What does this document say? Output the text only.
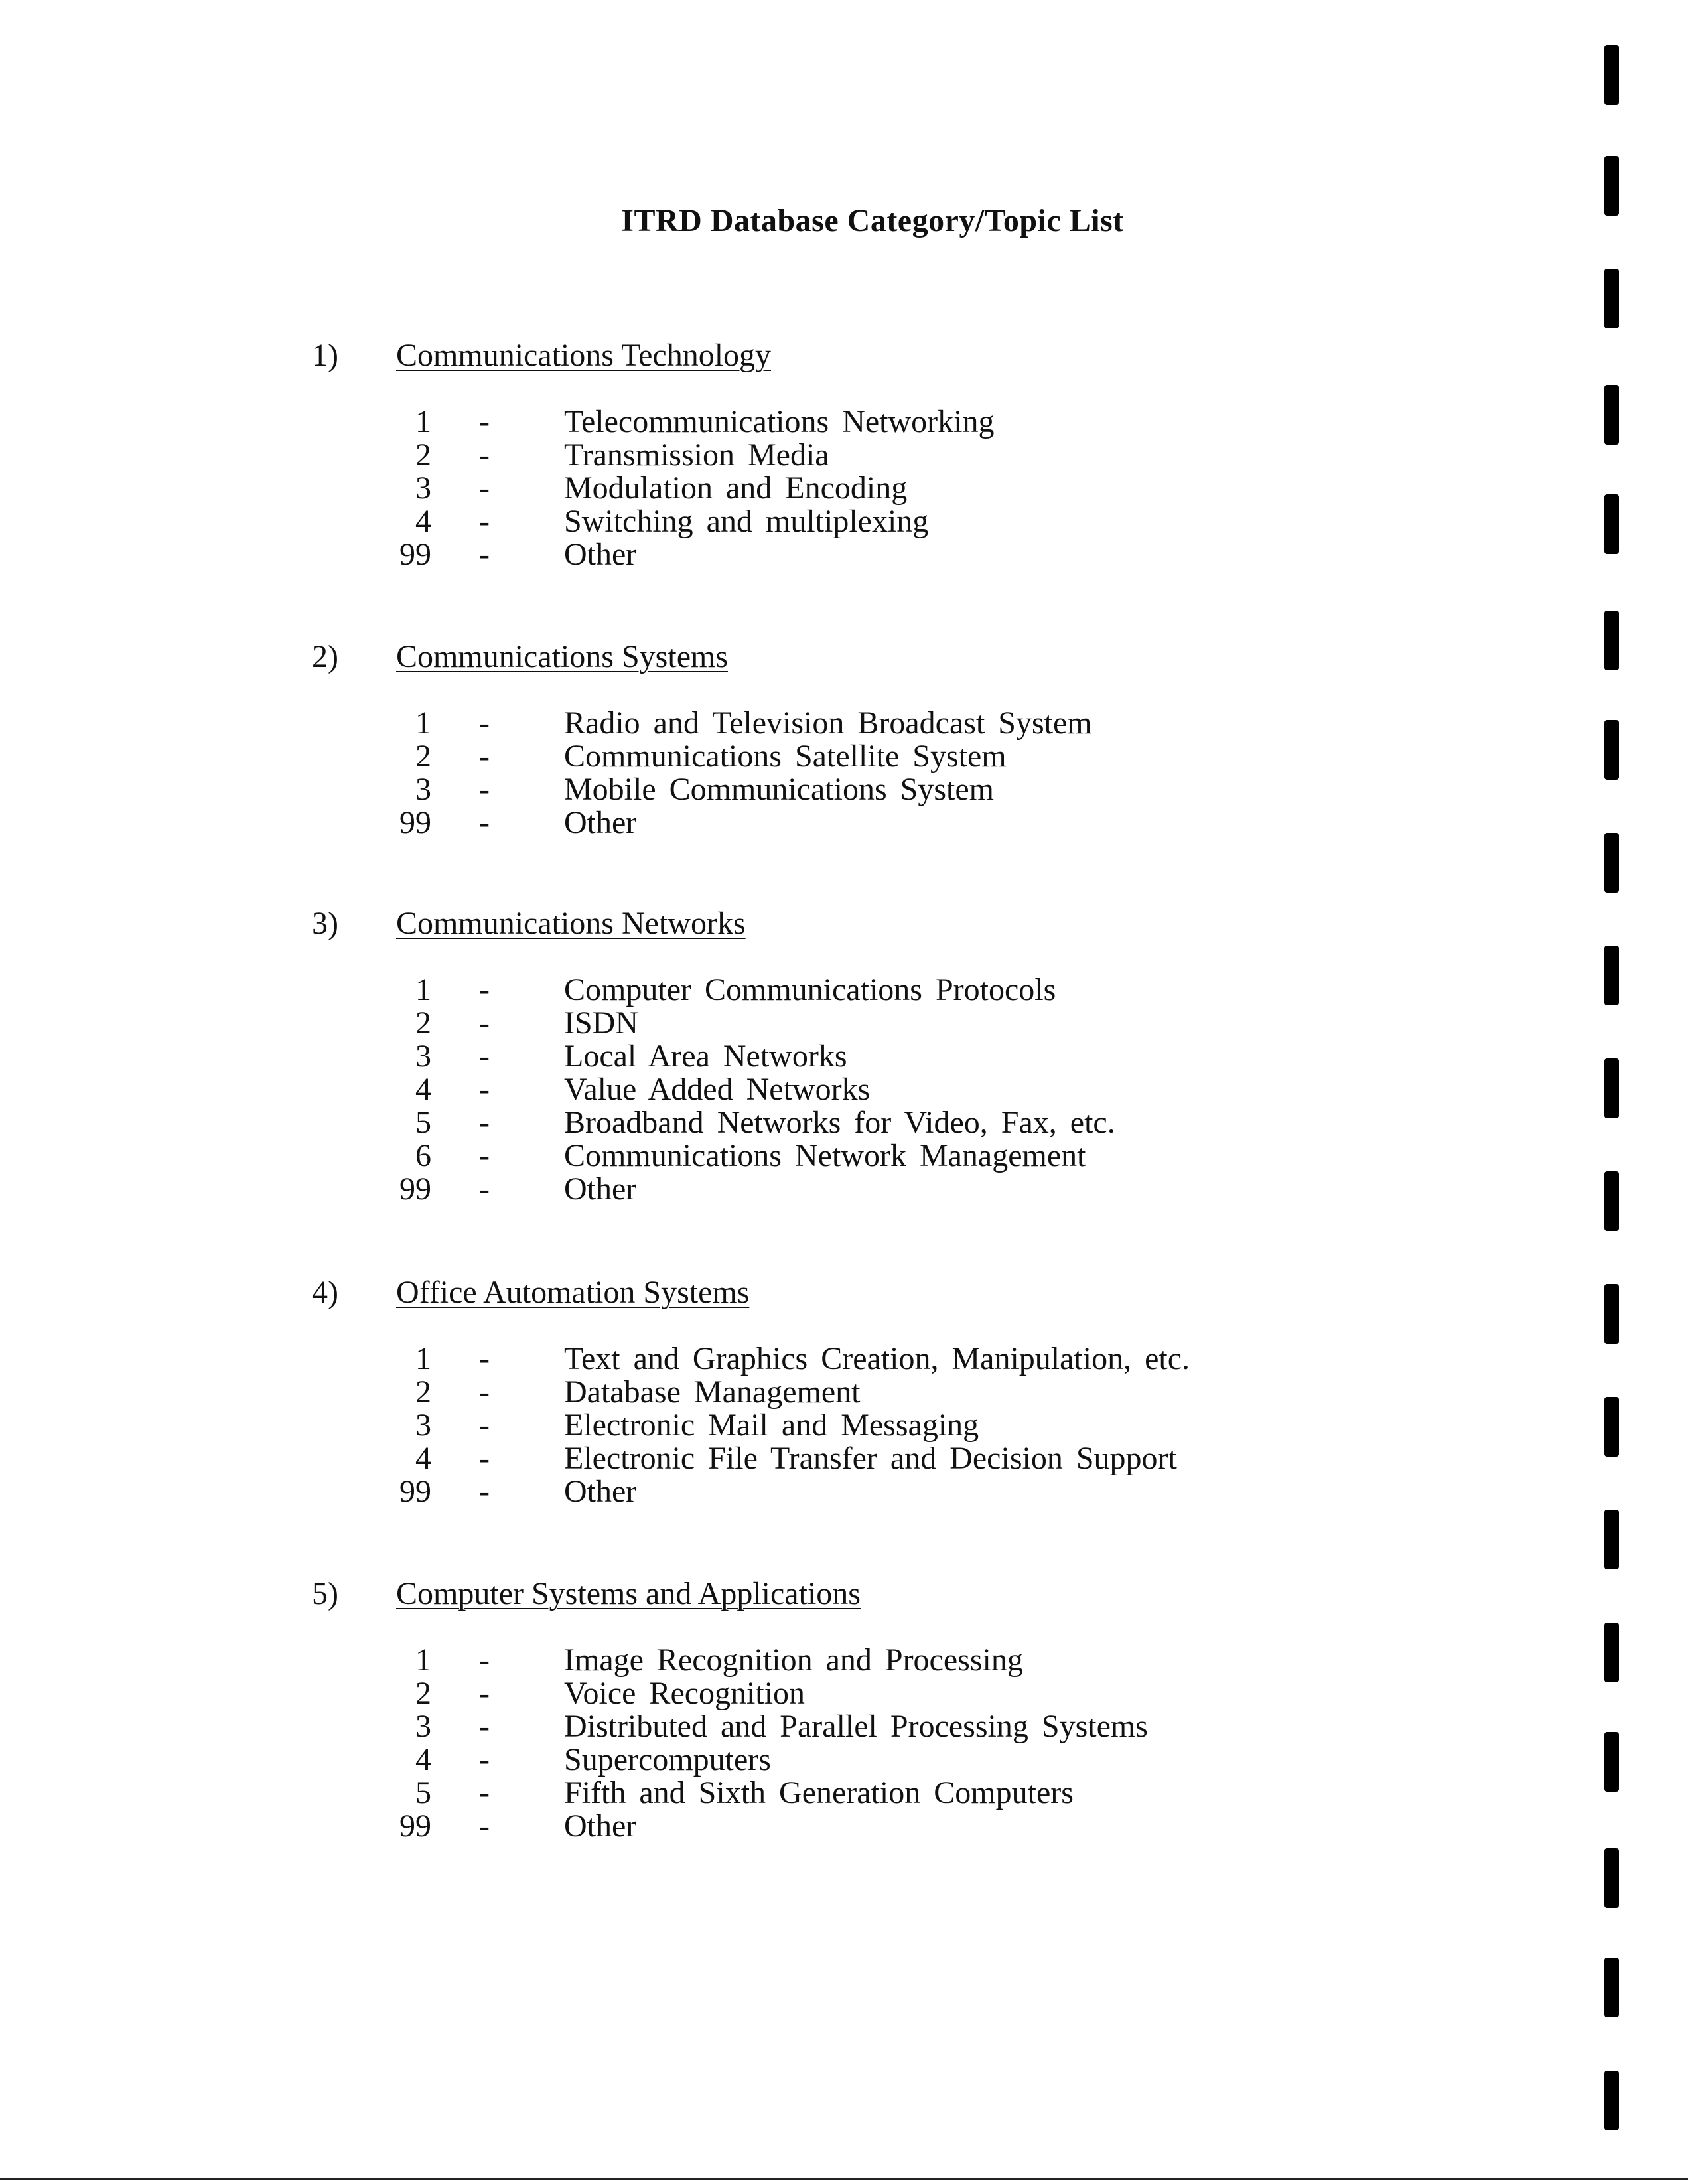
ITRD Database Category/Topic List
1) Communications Technology
1 - Telecommunications Networking
2 - Transmission Media
3 - Modulation and Encoding
4 - Switching and multiplexing
99 - Other
2) Communications Systems
1 - Radio and Television Broadcast System
2 - Communications Satellite System
3 - Mobile Communications System
99 - Other
3) Communications Networks
1 - Computer Communications Protocols
2 - ISDN
3 - Local Area Networks
4 - Value Added Networks
5 - Broadband Networks for Video, Fax, etc.
6 - Communications Network Management
99 - Other
4) Office Automation Systems
1 - Text and Graphics Creation, Manipulation, etc.
2 - Database Management
3 - Electronic Mail and Messaging
4 - Electronic File Transfer and Decision Support
99 - Other
5) Computer Systems and Applications
1 - Image Recognition and Processing
2 - Voice Recognition
3 - Distributed and Parallel Processing Systems
4 - Supercomputers
5 - Fifth and Sixth Generation Computers
99 - Other
